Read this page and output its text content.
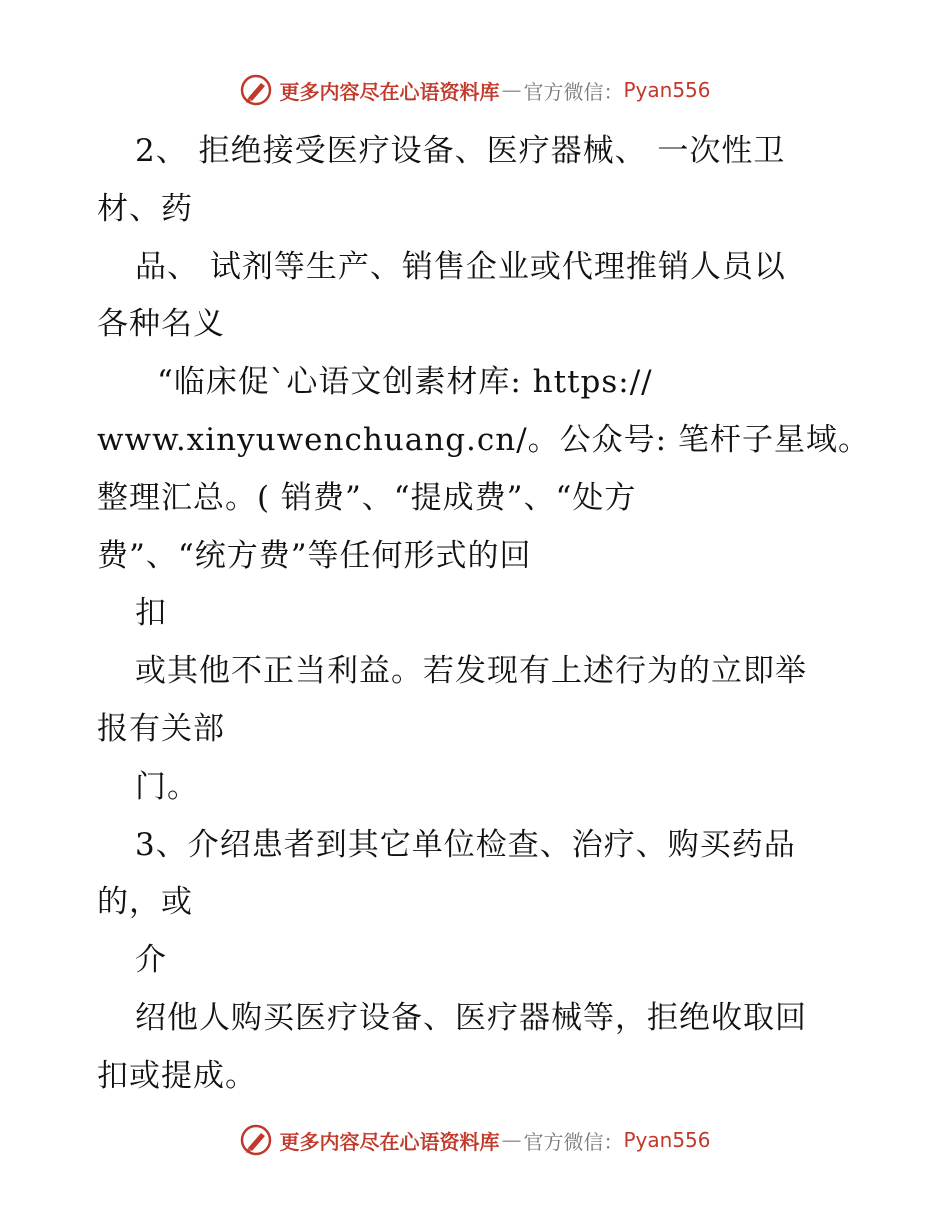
更多内容尽在心语资料库 — 官方微信： Pyan556
2、 拒绝接受医疗设备、医疗器械、 一次性卫
材、药
品、 试剂等生产、销售企业或代理推销人员以
各种名义
“临床促`心语文创素材库: https://
www.xinyuwenchuang.cn/。公众号: 笔杆子星域。
整理汇总。( 销费”、“提成费”、“处方
费”、“统方费”等任何形式的回
扣
或其他不正当利益。若发现有上述行为的立即举
报有关部
门。
3、介绍患者到其它单位检查、治疗、购买药品
的，或
介
绍他人购买医疗设备、医疗器械等，拒绝收取回
扣或提成。
更多内容尽在心语资料库 — 官方微信： Pyan556
